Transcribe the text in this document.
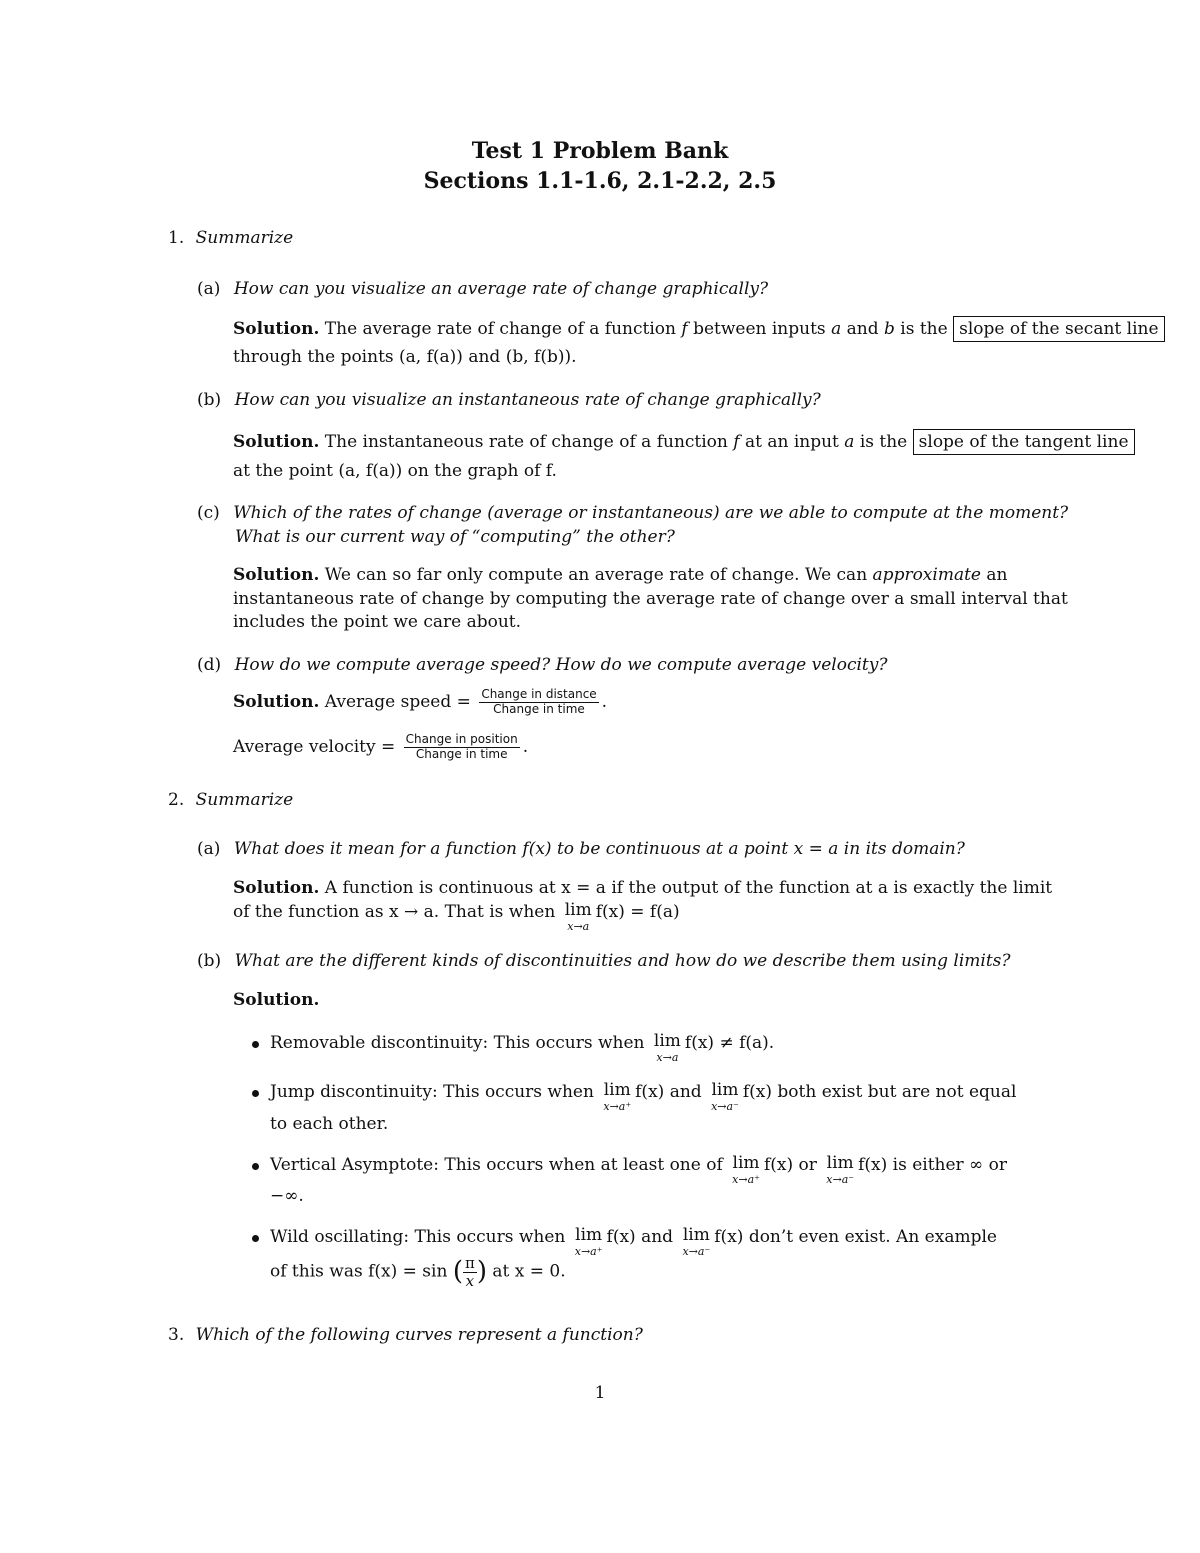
Test 1 Problem Bank
Sections 1.1-1.6, 2.1-2.2, 2.5
1. Summarize
(a) How can you visualize an average rate of change graphically?
Solution. The average rate of change of a function f between inputs a and b is the slope of the secant line
through the points (a, f(a)) and (b, f(b)).
(b) How can you visualize an instantaneous rate of change graphically?
Solution. The instantaneous rate of change of a function f at an input a is the slope of the tangent line
at the point (a, f(a)) on the graph of f.
(c) Which of the rates of change (average or instantaneous) are we able to compute at the moment?
What is our current way of “computing” the other?
Solution. We can so far only compute an average rate of change. We can approximate an
instantaneous rate of change by computing the average rate of change over a small interval that
includes the point we care about.
(d) How do we compute average speed? How do we compute average velocity?
Solution. Average speed = $\frac{\text{Change in distance}}{\text{Change in time}}$ .
Average velocity = $\frac{\text{Change in position}}{\text{Change in time}}$ .
2. Summarize
(a) What does it mean for a function f(x) to be continuous at a point x = a in its domain?
Solution. A function is continuous at x = a if the output of the function at a is exactly the limit
of the function as x → a. That is when lim
x→a
f(x) = f(a)
(b) What are the different kinds of discontinuities and how do we describe them using limits?
Solution.
Removable discontinuity: This occurs when lim
x→a
f(x) ≠ f(a).
Jump discontinuity: This occurs when lim
x→a⁺
f(x) and lim
x→a⁻
f(x) both exist but are not equal
to each other.
Vertical Asymptote: This occurs when at least one of lim
x→a⁺
f(x) or lim
x→a⁻
f(x) is either ∞ or
−∞.
Wild oscillating: This occurs when lim
x→a⁺
f(x) and lim
x→a⁻
f(x) don’t even exist. An example
of this was f(x) = sin ( $\frac{\pi}{x}$ ) at x = 0.
3. Which of the following curves represent a function?
1
